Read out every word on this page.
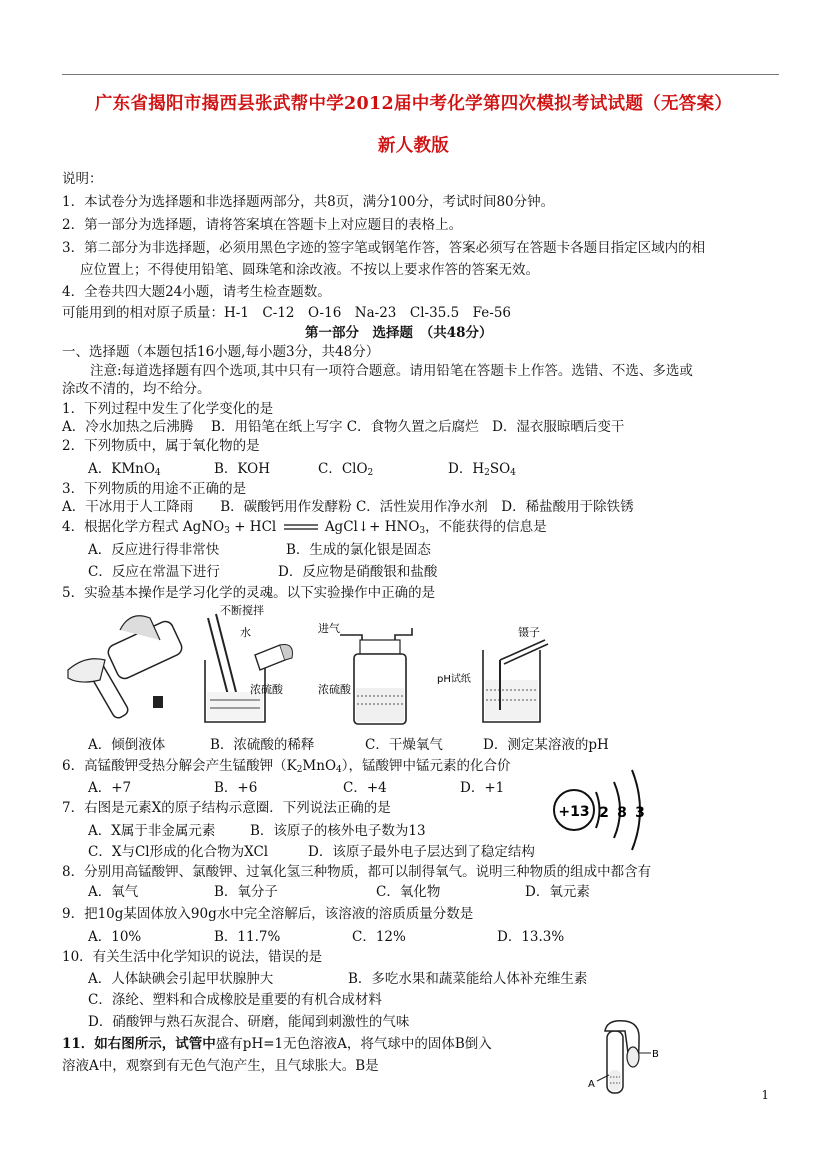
广东省揭阳市揭西县张武帮中学2012届中考化学第四次模拟考试试题（无答案）
新人教版
说明：
1．本试卷分为选择题和非选择题两部分，共8页，满分100分，考试时间80分钟。
2．第一部分为选择题，请将答案填在答题卡上对应题目的表格上。
3．第二部分为非选择题，必须用黑色字迹的签字笔或钢笔作答，答案必须写在答题卡各题目指定区域内的相
应位置上；不得使用铅笔、圆珠笔和涂改液。不按以上要求作答的答案无效。
4．全卷共四大题24小题，请考生检查题数。
可能用到的相对原子质量：H-1　C-12　O-16　Na-23　Cl-35.5　Fe-56
第一部分　选择题　（共48分）
一、选择题（本题包括16小题,每小题3分，共48分）
注意:每道选择题有四个选项,其中只有一项符合题意。请用铅笔在答题卡上作答。选错、不选、多选或
涂改不清的，均不给分。
1．下列过程中发生了化学变化的是
A．冷水加热之后沸腾　 B．用铅笔在纸上写字 C．食物久置之后腐烂　D．湿衣服晾晒后变干
2．下列物质中，属于氧化物的是
A．KMnO$_4$	B．KOH	C．ClO$_2$	D．$H_2SO_4$
3．下列物质的用途不正确的是
A．干冰用于人工降雨　　B．碳酸钙用作发酵粉 C．活性炭用作净水剂　D．稀盐酸用于除铁锈
4．根据化学方程式 AgNO$_3$ + HCl	AgCl↓+ $HNO_3$，不能获得的信息是
A．反应进行得非常快	B．生成的氯化银是固态
C．反应在常温下进行	D．反应物是硝酸银和盐酸
5．实验基本操作是学习化学的灵魂。以下实验操作中正确的是
不断搅拌
水
浓硫酸
进气
浓硫酸
镊子
pH试纸
A．倾倒液体	B．浓硫酸的稀释	C．干燥氧气	D．测定某溶液的pH
6．高锰酸钾受热分解会产生锰酸钾$(K_2MnO_4)$，锰酸钾中锰元素的化合价
A．+7	B．+6	C．+4	D．+1
7．右图是元素X的原子结构示意圈．下列说法正确的是
A．X属于非金属元素	B．该原子的核外电子数为13
C．X与Cl形成的化合物为XCl	D．该原子最外电子层达到了稳定结构
+13 2 8 3
8．分别用高锰酸钾、氯酸钾、过氧化氢三种物质，都可以制得氧气。说明三种物质的组成中都含有
A．氧气	B．氧分子	C．氧化物	D．氧元素
9．把10g某固体放入90g水中完全溶解后，该溶液的溶质质量分数是
A．10%	B．11.7%	C．12%	D．13.3%
10．有关生活中化学知识的说法，错误的是
A．人体缺碘会引起甲状腺肿大	B．多吃水果和蔬菜能给人体补充维生素
C．涤纶、塑料和合成橡胶是重要的有机合成材料
D．硝酸钾与熟石灰混合、研磨，能闻到刺激性的气味
11．如右图所示，试管中盛有pH=1无色溶液A，将气球中的固体B倒入
溶液A中，观察到有无色气泡产生，且气球胀大。B是
B
A
1
